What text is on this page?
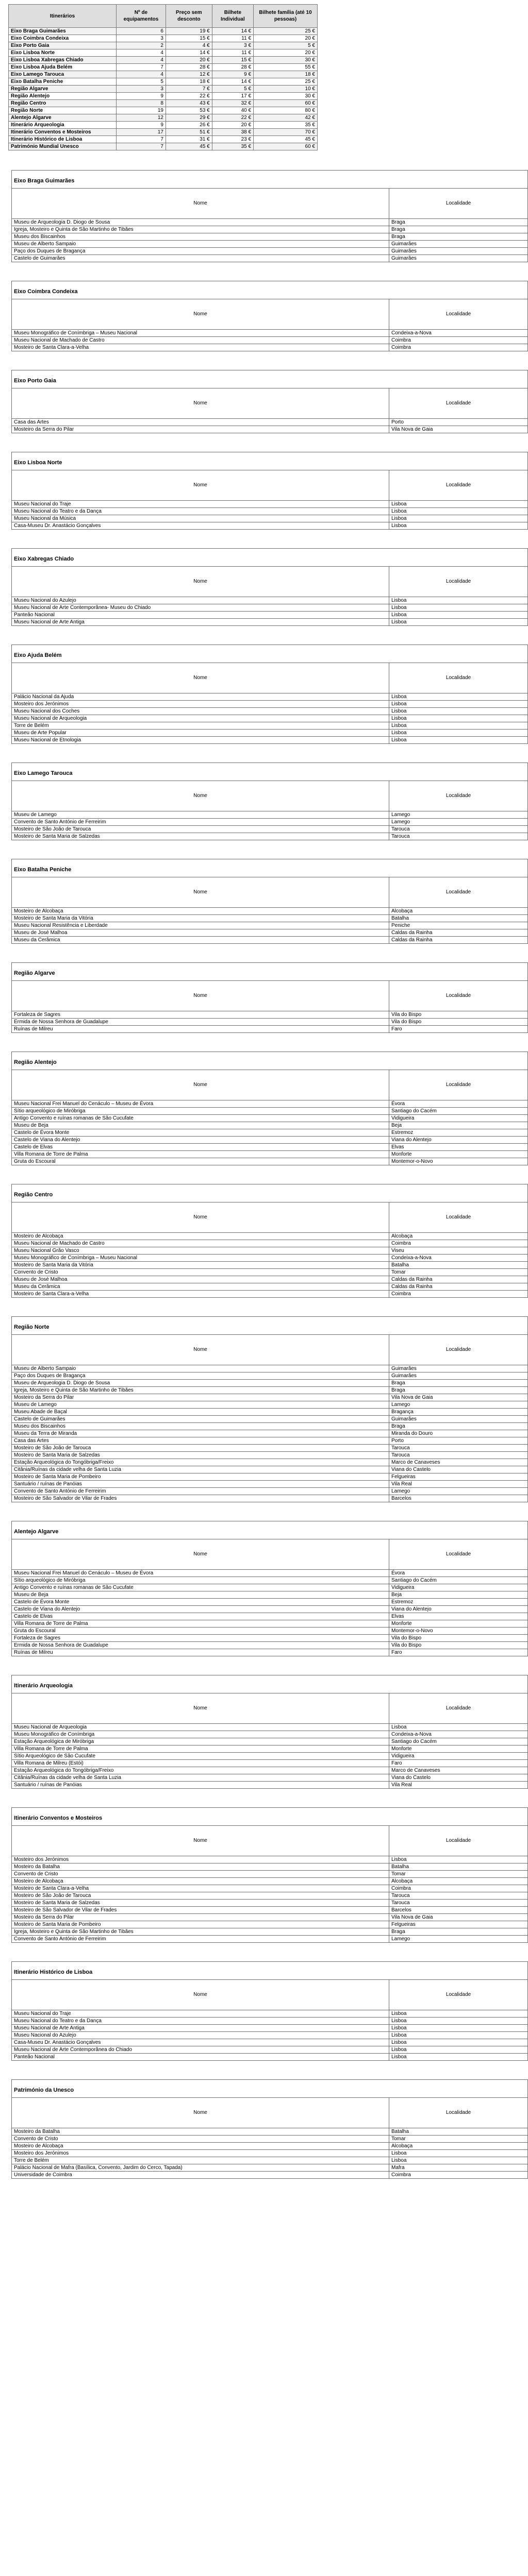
Itinerários	Nº de equipamentos	Preço sem desconto	Bilhete Individual	Bilhete família (até 10 pessoas)
Eixo Braga Guimarães	6	19 €	14 €	25 €
Eixo Coimbra Condeixa	3	15 €	11 €	20 €
Eixo Porto Gaia	2	4 €	3 €	5 €
Eixo Lisboa Norte	4	14 €	11 €	20 €
Eixo Lisboa Xabregas Chiado	4	20 €	15 €	30 €
Eixo Lisboa Ajuda Belém	7	28 €	28 €	55 €
Eixo Lamego Tarouca	4	12 €	9 €	18 €
Eixo Batalha Peniche	5	18 €	14 €	25 €
Região Algarve	3	7 €	5 €	10 €
Região Alentejo	9	22 €	17 €	30 €
Região Centro	8	43 €	32 €	60 €
Região Norte	19	53 €	40 €	80 €
Alentejo Algarve	12	29 €	22 €	42 €
Itinerário Arqueologia	9	26 €	20 €	35 €
Itinerário Conventos e Mosteiros	17	51 €	38 €	70 €
Itinerário Histórico de Lisboa	7	31 €	23 €	45 €
Património Mundial Unesco	7	45 €	35 €	60 €
Eixo Braga Guimarães
Nome	Localidade
Museu de Arqueologia D. Diogo de Sousa	Braga
Igreja, Mosteiro e Quinta de São Martinho de Tibães	Braga
Museu dos Biscainhos	Braga
Museu de Alberto Sampaio	Guimarães
Paço dos Duques de Bragança	Guimarães
Castelo de Guimarães	Guimarães
Eixo Coimbra Condeixa
Nome	Localidade
Museu Monográfico de Conímbriga – Museu Nacional	Condeixa-a-Nova
Museu Nacional de Machado de Castro	Coimbra
Mosteiro de Santa Clara-a-Velha	Coimbra
Eixo Porto Gaia
Nome	Localidade
Casa das Artes	Porto
Mosteiro da Serra do Pilar	Vila Nova de Gaia
Eixo Lisboa Norte
Nome	Localidade
Museu Nacional do Traje	Lisboa
Museu Nacional do Teatro e da Dança	Lisboa
Museu Nacional da Música	Lisboa
Casa-Museu Dr. Anastácio Gonçalves	Lisboa
Eixo Xabregas Chiado
Nome	Localidade
Museu Nacional do Azulejo	Lisboa
Museu Nacional de Arte Contemporânea- Museu do Chiado	Lisboa
Panteão Nacional	Lisboa
Museu Nacional de Arte Antiga	Lisboa
Eixo Ajuda Belém
Nome	Localidade
Palácio Nacional da Ajuda	Lisboa
Mosteiro dos Jerónimos	Lisboa
Museu Nacional dos Coches	Lisboa
Museu Nacional de Arqueologia	Lisboa
Torre de Belém	Lisboa
Museu de Arte Popular	Lisboa
Museu Nacional de Etnologia	Lisboa
Eixo Lamego Tarouca
Nome	Localidade
Museu de Lamego	Lamego
Convento de Santo António de Ferreirim	Lamego
Mosteiro de São João de Tarouca	Tarouca
Mosteiro de Santa Maria de Salzedas	Tarouca
Eixo Batalha Peniche
Nome	Localidade
Mosteiro de Alcobaça	Alcobaça
Mosteiro de Santa Maria da Vitória	Batalha
Museu Nacional Resistência e Liberdade	Peniche
Museu de José Malhoa	Caldas da Rainha
Museu da Cerâmica	Caldas da Rainha
Região Algarve
Nome	Localidade
Fortaleza de Sagres	Vila do Bispo
Ermida de Nossa Senhora de Guadalupe	Vila do Bispo
Ruínas de Milreu	Faro
Região Alentejo
Nome	Localidade
Museu Nacional Frei Manuel do Cenáculo – Museu de Évora	Évora
Sítio arqueológico de Miróbriga	Santiago do Cacém
Antigo Convento e ruínas romanas de São Cucufate	Vidigueira
Museu de Beja	Beja
Castelo de Évora Monte	Estremoz
Castelo de Viana do Alentejo	Viana do Alentejo
Castelo de Elvas	Elvas
Villa Romana de Torre de Palma	Monforte
Gruta do Escoural	Montemor-o-Novo
Região Centro
Nome	Localidade
Mosteiro de Alcobaça	Alcobaça
Museu Nacional de Machado de Castro	Coimbra
Museu Nacional Grão Vasco	Viseu
Museu Monográfico de Conímbriga – Museu Nacional	Condeixa-a-Nova
Mosteiro de Santa Maria da Vitória	Batalha
Convento de Cristo	Tomar
Museu de José Malhoa	Caldas da Rainha
Museu da Cerâmica	Caldas da Rainha
Mosteiro de Santa Clara-a-Velha	Coimbra
Região Norte
Nome	Localidade
Museu de Alberto Sampaio	Guimarães
Paço dos Duques de Bragança	Guimarães
Museu de Arqueologia D. Diogo de Sousa	Braga
Igreja, Mosteiro e Quinta de São Martinho de Tibães	Braga
Mosteiro da Serra do Pilar	Vila Nova de Gaia
Museu de Lamego	Lamego
Museu Abade de Baçal	Bragança
Castelo de Guimarães	Guimarães
Museu dos Biscainhos	Braga
Museu da Terra de Miranda	Miranda do Douro
Casa das Artes	Porto
Mosteiro de São João de Tarouca	Tarouca
Mosteiro de Santa Maria de Salzedas	Tarouca
Estação Arqueológica do Tongóbriga/Freixo	Marco de Canaveses
Citânia/Ruínas da cidade velha de Santa Luzia	Viana do Castelo
Mosteiro de Santa Maria de Pombeiro	Felgueiras
Santuário / ruínas de Panóias	Vila Real
Convento de Santo António de Ferreirim	Lamego
Mosteiro de São Salvador de Vilar de Frades	Barcelos
Alentejo Algarve
Nome	Localidade
Museu Nacional Frei Manuel do Cenáculo – Museu de Évora	Évora
Sítio arqueológico de Miróbriga	Santiago do Cacém
Antigo Convento e ruínas romanas de São Cucufate	Vidigueira
Museu de Beja	Beja
Castelo de Évora Monte	Estremoz
Castelo de Viana do Alentejo	Viana do Alentejo
Castelo de Elvas	Elvas
Villa Romana de Torre de Palma	Monforte
Gruta do Escoural	Montemor-o-Novo
Fortaleza de Sagres	Vila do Bispo
Ermida de Nossa Senhora de Guadalupe	Vila do Bispo
Ruínas de Milreu	Faro
Itinerário Arqueologia
Nome	Localidade
Museu Nacional de Arqueologia	Lisboa
Museu Monográfico de Conímbriga	Condeixa-a-Nova
Estação Arqueológica de Miróbriga	Santiago do Cacém
Villa Romana de Torre de Palma	Monforte
Sítio Arqueológico de São Cucufate	Vidigueira
Villa Romana de Milreu (Estói)	Faro
Estação Arqueológica do Tongóbriga/Freixo	Marco de Canaveses
Citânia/Ruínas da cidade velha de Santa Luzia	Viana do Castelo
Santuário / ruínas de Panóias	Vila Real
Itinerário Conventos e Mosteiros
Nome	Localidade
Mosteiro dos Jerónimos	Lisboa
Mosteiro da Batalha	Batalha
Convento de Cristo	Tomar
Mosteiro de Alcobaça	Alcobaça
Mosteiro de Santa Clara-a-Velha	Coimbra
Mosteiro de São João de Tarouca	Tarouca
Mosteiro de Santa Maria de Salzedas	Tarouca
Mosteiro de São Salvador de Vilar de Frades	Barcelos
Mosteiro da Serra do Pilar	Vila Nova de Gaia
Mosteiro de Santa Maria de Pombeiro	Felgueiras
Igreja, Mosteiro e Quinta de São Martinho de Tibães	Braga
Convento de Santo António de Ferreirim	Lamego
Itinerário Histórico de Lisboa
Nome	Localidade
Museu Nacional do Traje	Lisboa
Museu Nacional do Teatro e da Dança	Lisboa
Museu Nacional de Arte Antiga	Lisboa
Museu Nacional do Azulejo	Lisboa
Casa-Museu Dr. Anastácio Gonçalves	Lisboa
Museu Nacional de Arte Contemporânea do Chiado	Lisboa
Panteão Nacional	Lisboa
Património da Unesco
Nome	Localidade
Mosteiro da Batalha	Batalha
Convento de Cristo	Tomar
Mosteiro de Alcobaça	Alcobaça
Mosteiro dos Jerónimos	Lisboa
Torre de Belém	Lisboa
Palácio Nacional de Mafra (Basílica, Convento, Jardim do Cerco, Tapada)	Mafra
Universidade de Coimbra	Coimbra
